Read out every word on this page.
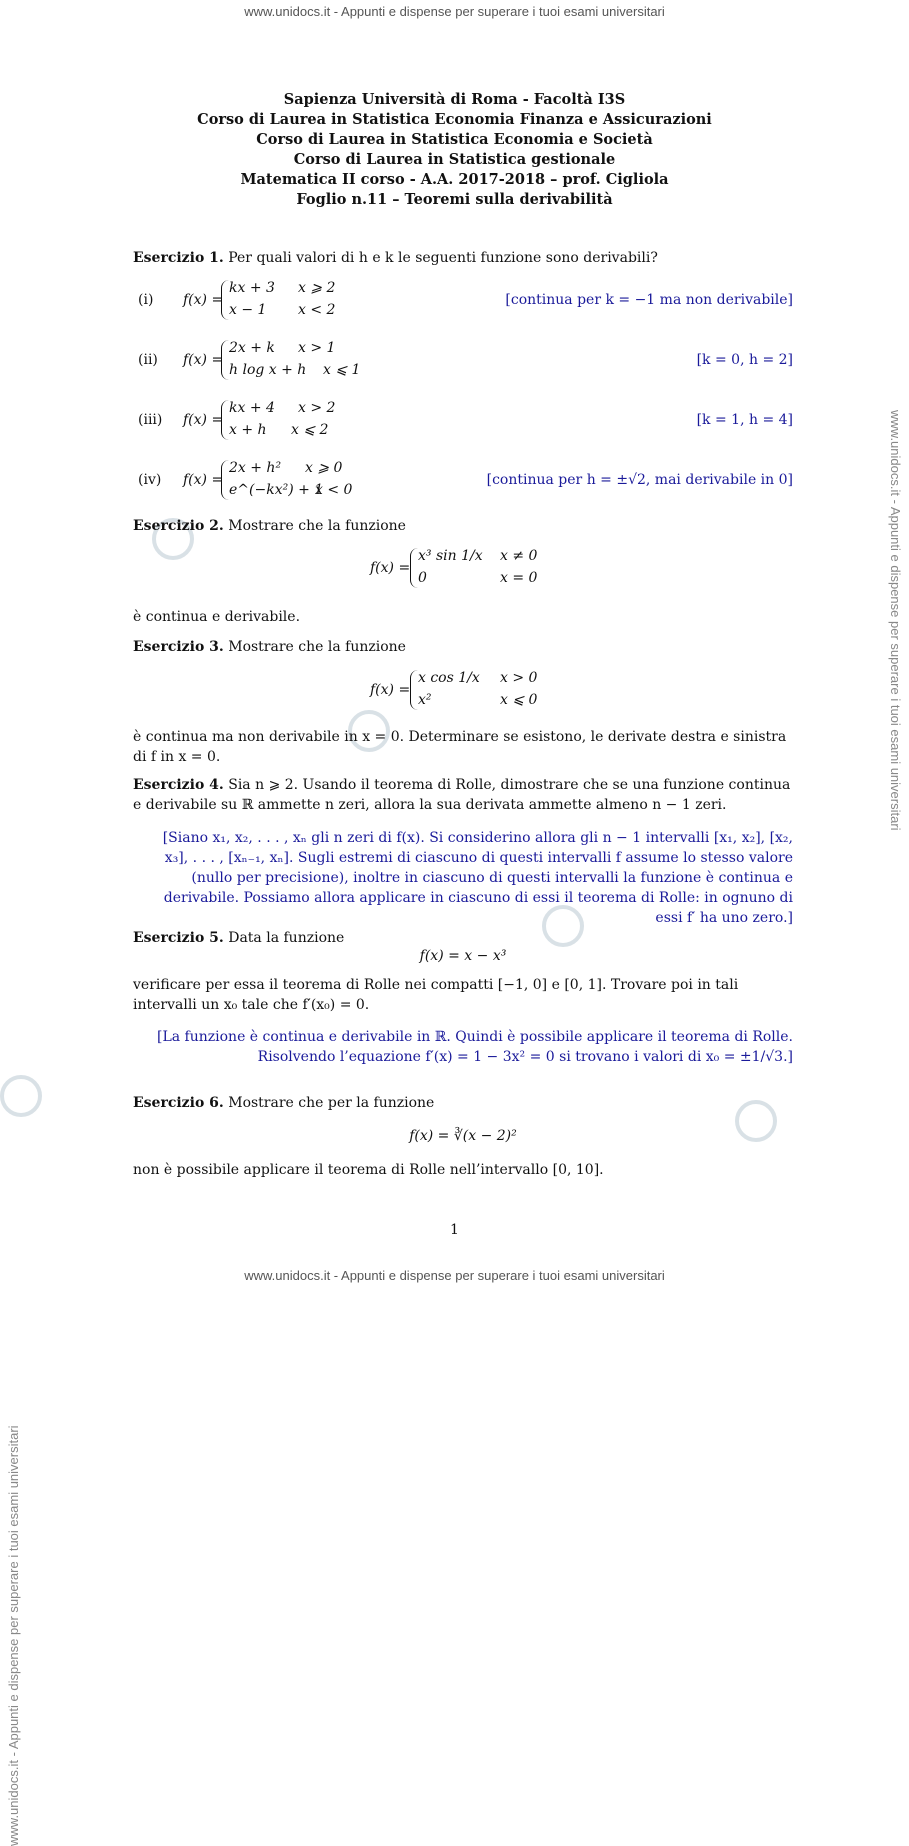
www.unidocs.it - Appunti e dispense per superare i tuoi esami universitari
www.unidocs.it - Appunti e dispense per superare i tuoi esami universitari
www.unidocs.it - Appunti e dispense per superare i tuoi esami universitari
www.unidocs.it - Appunti e dispense per superare i tuoi esami universitari
Sapienza Università di Roma - Facoltà I3S
Corso di Laurea in Statistica Economia Finanza e Assicurazioni
Corso di Laurea in Statistica Economia e Società
Corso di Laurea in Statistica gestionale
Matematica II corso - A.A. 2017-2018 – prof. Cigliola
Foglio n.11 – Teoremi sulla derivabilità
Esercizio 1. Per quali valori di h e k le seguenti funzione sono derivabili?
(i) f(x) =
kx + 3 x ⩾ 2
x − 1 x < 2
[continua per k = −1 ma non derivabile]
(ii) f(x) =
2x + k x > 1
h log x + h x ⩽ 1
[k = 0, h = 2]
(iii) f(x) =
kx + 4 x > 2
x + h x ⩽ 2
[k = 1, h = 4]
(iv) f(x) =
2x + h² x ⩾ 0
e^(−kx²) + 1
x < 0
[continua per h = ±√2, mai derivabile in 0]
Esercizio 2. Mostrare che la funzione
f(x) =
x³ sin 1/x x ≠ 0
0	x = 0
è continua e derivabile.
Esercizio 3. Mostrare che la funzione
f(x) =
x cos 1/x x > 0
x²	x ⩽ 0
è continua ma non derivabile in x = 0. Determinare se esistono, le derivate destra e sinistra di f in x = 0.
Esercizio 4. Sia n ⩾ 2. Usando il teorema di Rolle, dimostrare che se una funzione continua e derivabile su ℝ ammette n zeri, allora la sua derivata ammette almeno n − 1 zeri.
[Siano x₁, x₂, . . . , xₙ gli n zeri di f(x). Si considerino allora gli n − 1 intervalli [x₁, x₂], [x₂, x₃], . . . , [xₙ₋₁, xₙ]. Sugli estremi di ciascuno di questi intervalli f assume lo stesso valore (nullo per precisione), inoltre in ciascuno di questi intervalli la funzione è continua e derivabile. Possiamo allora applicare in ciascuno di essi il teorema di Rolle: in ognuno di essi f′ ha uno zero.]
Esercizio 5. Data la funzione
f(x) = x − x³
verificare per essa il teorema di Rolle nei compatti [−1, 0] e [0, 1]. Trovare poi in tali intervalli un x₀ tale che f′(x₀) = 0.
[La funzione è continua e derivabile in ℝ. Quindi è possibile applicare il teorema di Rolle.
Risolvendo l’equazione f′(x) = 1 − 3x² = 0 si trovano i valori di x₀ = ±1/√3.]
Esercizio 6. Mostrare che per la funzione
f(x) = ∛(x − 2)²
non è possibile applicare il teorema di Rolle nell’intervallo [0, 10].
1
